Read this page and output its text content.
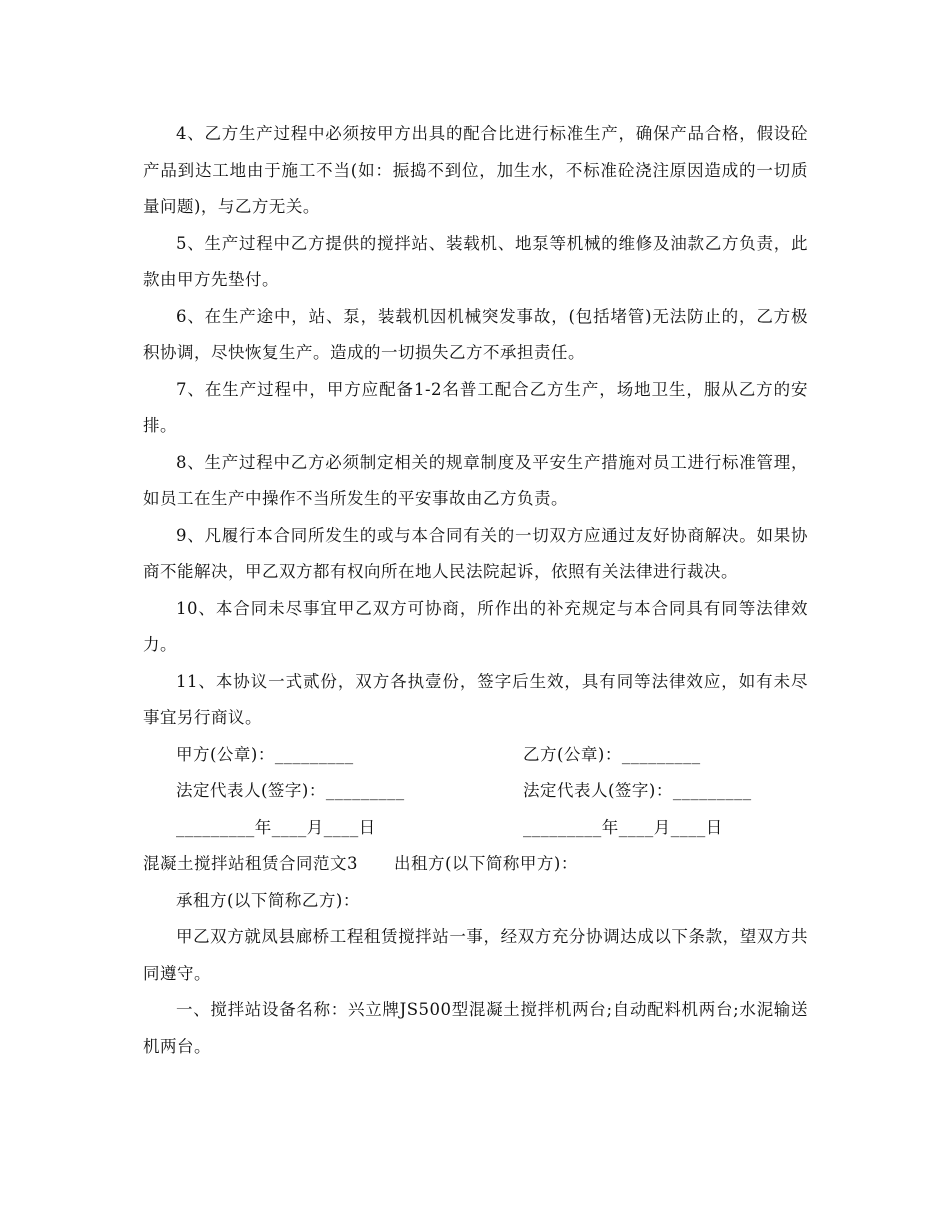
4、乙方生产过程中必须按甲方出具的配合比进行标准生产，确保产品合格，假设砼产品到达工地由于施工不当(如：振捣不到位，加生水，不标准砼浇注原因造成的一切质量问题)，与乙方无关。

5、生产过程中乙方提供的搅拌站、装载机、地泵等机械的维修及油款乙方负责，此款由甲方先垫付。

6、在生产途中，站、泵，装载机因机械突发事故，(包括堵管)无法防止的，乙方极积协调，尽快恢复生产。造成的一切损失乙方不承担责任。

7、在生产过程中，甲方应配备1-2名普工配合乙方生产，场地卫生，服从乙方的安排。

8、生产过程中乙方必须制定相关的规章制度及平安生产措施对员工进行标准管理，如员工在生产中操作不当所发生的平安事故由乙方负责。

9、凡履行本合同所发生的或与本合同有关的一切双方应通过友好协商解决。如果协商不能解决，甲乙双方都有权向所在地人民法院起诉，依照有关法律进行裁决。

10、本合同未尽事宜甲乙双方可协商，所作出的补充规定与本合同具有同等法律效力。

11、本协议一式贰份，双方各执壹份，签字后生效，具有同等法律效应，如有未尽事宜另行商议。

甲方(公章)：_________	乙方(公章)：_________
法定代表人(签字)：_________	法定代表人(签字)：_________
_________年____月____日	_________年____月____日
混凝土搅拌站租赁合同范文3 出租方(以下简称甲方)：

承租方(以下简称乙方)：

甲乙双方就凤县廊桥工程租赁搅拌站一事，经双方充分协调达成以下条款，望双方共同遵守。

一、搅拌站设备名称：兴立牌JS500型混凝土搅拌机两台;自动配料机两台;水泥输送机两台。
